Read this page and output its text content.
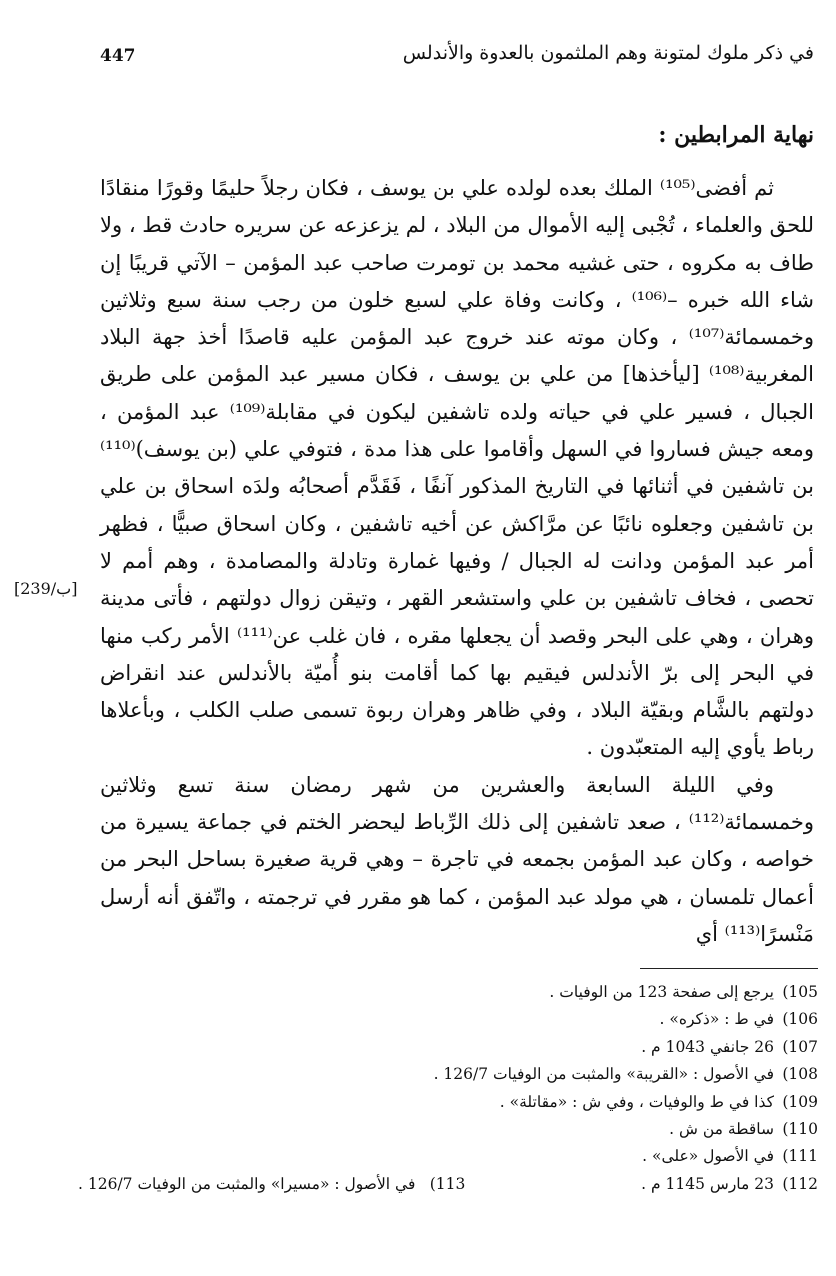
447	في ذكر ملوك لمتونة وهم الملثمون بالعدوة والأندلس
نهاية المرابطين :

ثم أفضى⁽¹⁰⁵⁾ الملك بعده لولده علي بن يوسف ، فكان رجلاً حليمًا وقورًا منقادًا للحق والعلماء ، تُجْبى إليه الأموال من البلاد ، لم يزعزعه عن سريره حادث قط ، ولا طاف به مكروه ، حتى غشيه محمد بن تومرت صاحب عبد المؤمن – الآتي قريبًا إن شاء الله خبره –⁽¹⁰⁶⁾ ، وكانت وفاة علي لسبع خلون من رجب سنة سبع وثلاثين وخمسمائة⁽¹⁰⁷⁾ ، وكان موته عند خروج عبد المؤمن عليه قاصدًا أخذ جهة البلاد المغربية⁽¹⁰⁸⁾ [ليأخذها] من علي بن يوسف ، فكان مسير عبد المؤمن على طريق الجبال ، فسير علي في حياته ولده تاشفين ليكون في مقابلة⁽¹⁰⁹⁾ عبد المؤمن ، ومعه جيش فساروا في السهل وأقاموا على هذا مدة ، فتوفي علي (بن يوسف)⁽¹¹⁰⁾ بن تاشفين في أثنائها في التاريخ المذكور آنفًا ، فَقَدَّم أصحابُه ولدَه اسحاق بن علي بن تاشفين وجعلوه نائبًا عن مرَّاكش عن أخيه تاشفين ، وكان اسحاق صبيًّا ، فظهر أمر عبد المؤمن ودانت له الجبال / وفيها غمارة وتادلة والمصامدة ، وهم أمم لا تحصى ، فخاف تاشفين بن علي واستشعر القهر ، وتيقن زوال دولتهم ، فأتى مدينة وهران ، وهي على البحر وقصد أن يجعلها مقره ، فان غلب عن⁽¹¹¹⁾ الأمر ركب منها في البحر إلى برّ الأندلس فيقيم بها كما أقامت بنو أُميّة بالأندلس عند انقراض دولتهم بالشَّام وبقيّة البلاد ، وفي ظاهر وهران ربوة تسمى صلب الكلب ، وبأعلاها رباط يأوي إليه المتعبّدون .

وفي الليلة السابعة والعشرين من شهر رمضان سنة تسع وثلاثين وخمسمائة⁽¹¹²⁾ ، صعد تاشفين إلى ذلك الرِّباط ليحضر الختم في جماعة يسيرة من خواصه ، وكان عبد المؤمن بجمعه في تاجرة – وهي قرية صغيرة بساحل البحر من أعمال تلمسان ، هي مولد عبد المؤمن ، كما هو مقرر في ترجمته ، واتّفق أنه أرسل مَنْسرًا⁽¹¹³⁾ أي

[239/ب]
(105
يرجع إلى صفحة 123 من الوفيات .
(106
في ط : «ذكره» .
(107
26 جانفي 1043 م .
(108
في الأصول : «القريبة» والمثبت من الوفيات 126/7 .
(109
كذا في ط والوفيات ، وفي ش : «مقاتلة» .
(110
ساقطة من ش .
(111
في الأصول «على» .
(112
23 مارس 1145 م .
(113
في الأصول : «مسيرا» والمثبت من الوفيات 126/7 .
